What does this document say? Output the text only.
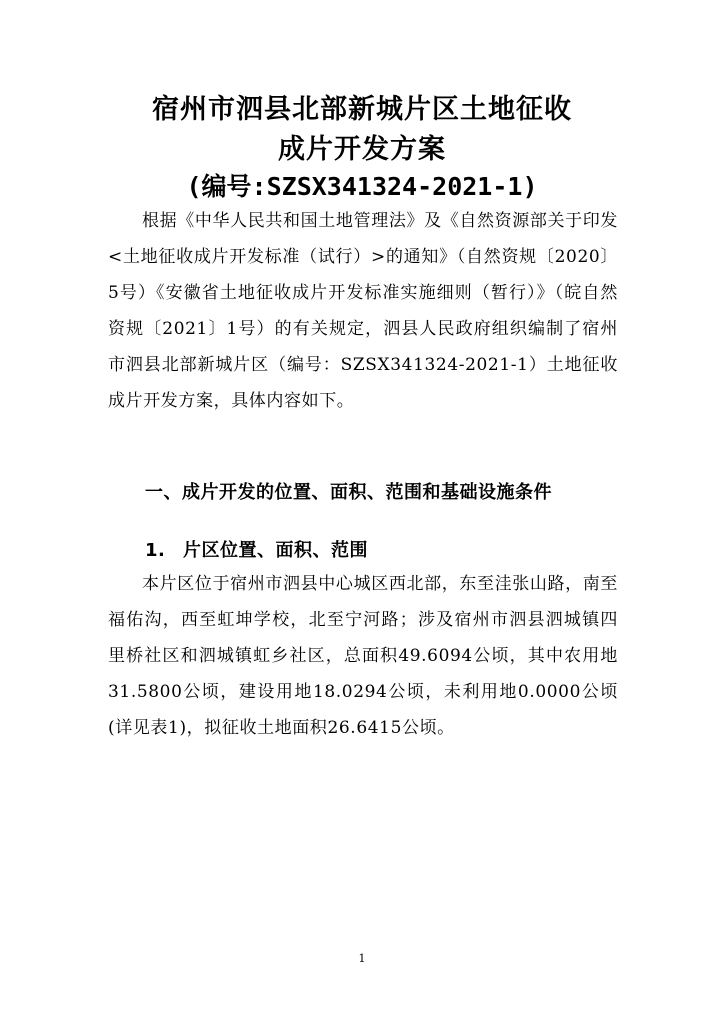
宿州市泗县北部新城片区土地征收
成片开发方案
(编号:SZSX341324-2021-1)

根据《中华人民共和国土地管理法》及《自然资源部关于印发<土地征收成片开发标准（试行）>的通知》（自然资规〔2020〕5号）《安徽省土地征收成片开发标准实施细则（暂行）》（皖自然资规〔2021〕1号）的有关规定，泗县人民政府组织编制了宿州市泗县北部新城片区（编号：SZSX341324-2021-1）土地征收成片开发方案，具体内容如下。

一、成片开发的位置、面积、范围和基础设施条件
1. 片区位置、面积、范围

本片区位于宿州市泗县中心城区西北部，东至洼张山路，南至福佑沟，西至虹坤学校，北至宁河路；涉及宿州市泗县泗城镇四里桥社区和泗城镇虹乡社区，总面积49.6094公顷，其中农用地31.5800公顷，建设用地18.0294公顷，未利用地0.0000公顷(详见表1)，拟征收土地面积26.6415公顷。

1
